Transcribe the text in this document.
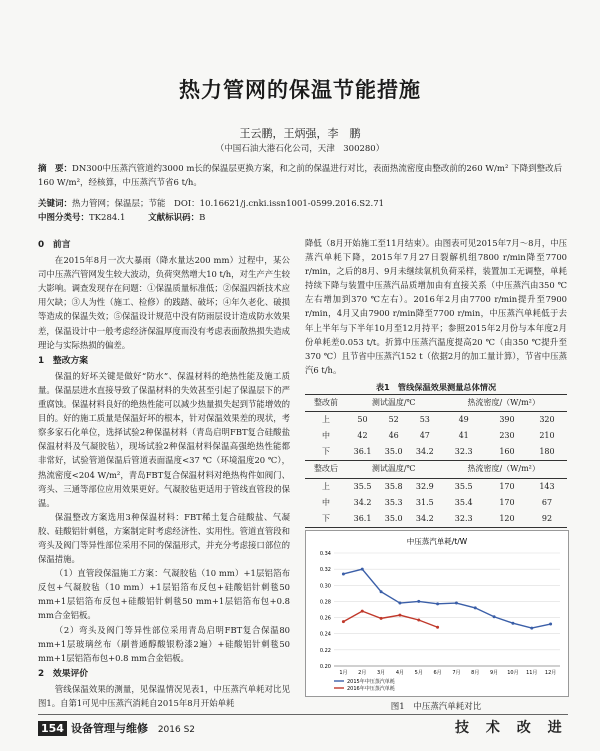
热力管网的保温节能措施
王云鹏，王炳强，李　鹏
（中国石油大港石化公司，天津　300280）
摘　要：DN300中压蒸汽管道约3000 m长的保温层更换方案，和之前的保温进行对比，表面热流密度由整改前的260 W/m² 下降到整改后160 W/m²，经核算，中压蒸汽节省6 t/h。
关键词：热力管网；保温层；节能　DOI：10.16621/j.cnki.issn1001-0599.2016.S2.71
中图分类号：TK284.1	文献标识码：B
0　前言

在2015年8月一次大暴雨（降水量达200 mm）过程中，某公司中压蒸汽管网发生较大波动，负荷突然增大10 t/h，对生产产生较大影响。调查发现存在问题：①保温质量标准低；②保温四新技术应用欠缺；③人为性（施工、检修）的践踏、破坏；④年久老化、破损等造成的保温失效；⑤保温设计规范中没有防雨层设计造成防水效果差，保温设计中一般考虑经济保温厚度而没有考虑表面散热损失造成理论与实际热损的偏差。

1　整改方案

保温的好坏关键是做好“防水”、保温材料的绝热性能及施工质量。保温层进水直接导致了保温材料的失效甚至引起了保温层下的严重腐蚀。保温材料良好的绝热性能可以减少热量损失起到节能增效的目的。好的施工质量是保温好坏的根本，针对保温效果差的现状，考察多家石化单位，选择试验2种保温材料（青岛启明FBT复合硅酸盐保温材料及气凝胶毡），现场试验2种保温材料保温高强绝热性能都非常好，试验管道保温后管道表面温度<37 ℃（环境温度20 ℃），热流密度<204 W/m²，青岛FBT复合保温材料对绝热构件如阀门、弯头、三通等部位应用效果更好。气凝胶毡更适用于管线直管段的保温。

保温整改方案选用3种保温材料：FBT稀土复合硅酸盐、气凝胶、硅酸铝针刺毯，方案制定时考虑经济性、实用性。管道直管段和弯头及阀门等异性部位采用不同的保温形式，并充分考虑接口部位的保温措施。

（1）直管段保温施工方案：气凝胶毡（10 mm）+1层铝箔布反包+气凝胶毡（10 mm）+1层铝箔布反包+硅酸铝针刺毯50 mm+1层铝箔布反包+硅酸铝针刺毯50 mm+1层铝箔布包+0.8 mm合金铝板。

（2）弯头及阀门等异性部位采用青岛启明FBT复合保温80 mm+1层玻璃丝布（刷普通醇酸银粉漆2遍）+硅酸铝针刺毯50 mm+1层铝箔布包+0.8 mm合金铝板。

2　效果评价

管线保温效果的测量，见保温情况见表1，中压蒸汽单耗对比见图1。自第1可见中压蒸汽消耗自2015年8月开始单耗

降低（8月开始施工至11月结束）。由图表可见2015年7月～8月，中压蒸汽单耗下降，2015年7月27日裂解机组7800 r/min降至7700 r/min，之后的8月、9月未继续氧机负荷采样，装置加工无调整，单耗持续下降与装置中压蒸汽品质增加由有直接关系（中压蒸汽由350 ℃左右增加到370 ℃左右）。2016年2月由7700 r/min提升至7900 r/min，4月又由7900 r/min降至7700 r/min，中压蒸汽单耗低于去年上半年与下半年10月至12月持平；参照2015年2月份与本年度2月份单耗差0.053 t/t。折算中压蒸汽温度提高20 ℃（由350 ℃提升至370 ℃）且节省中压蒸汽152 t（依据2月的加工量计算），节省中压蒸汽6 t/h。

表1　管线保温效果测量总体情况
整改前	测试温度/℃			热流密度/（W/m²）		
上	50	52	53	49	390	320
中	42	46	47	41	230	210
下	36.1	35.0	34.2	32.3	160	180
整改后	测试温度/℃			热流密度/（W/m²）		
上	35.5	35.8	32.9	35.5	170	143
中	34.2	35.3	31.5	35.4	170	67
下	36.1	35.0	34.2	32.3	120	92
中压蒸汽单耗/t/W
0.20
0.22
0.24
0.26
0.28
0.30
0.32
0.34
1月 2月 3月 4月 5月 6月 7月 8月 9月 10月 11月 12月
2015年中压蒸汽单耗
2016年中压蒸汽单耗
图1　中压蒸汽单耗对比
154 设备管理与维修 2016 S2	技 术 改 进
